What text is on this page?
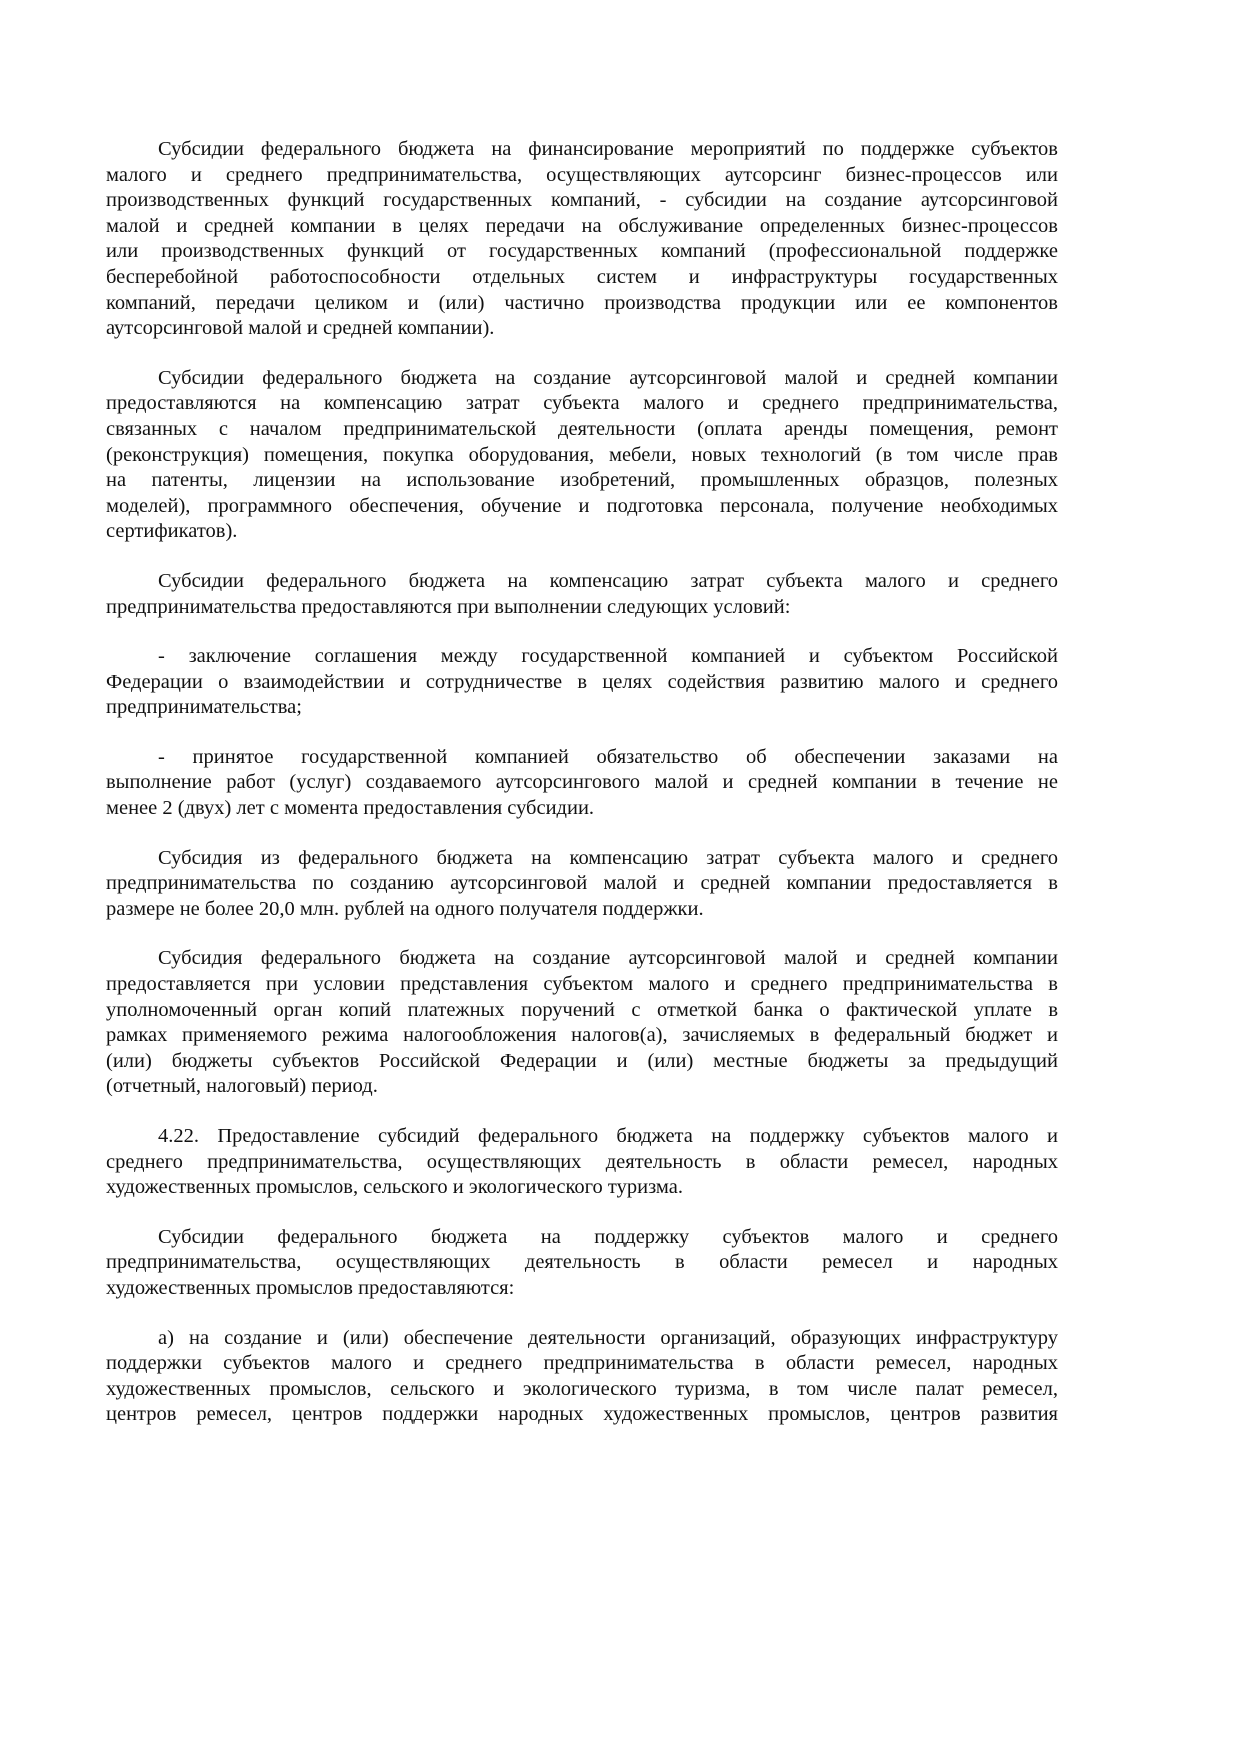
Субсидии федерального бюджета на финансирование мероприятий по поддержке субъектов
малого и среднего предпринимательства, осуществляющих аутсорсинг бизнес-процессов или
производственных функций государственных компаний, - субсидии на создание аутсорсинговой
малой и средней компании в целях передачи на обслуживание определенных бизнес-процессов
или производственных функций от государственных компаний (профессиональной поддержке
бесперебойной работоспособности отдельных систем и инфраструктуры государственных
компаний, передачи целиком и (или) частично производства продукции или ее компонентов
аутсорсинговой малой и средней компании).
Субсидии федерального бюджета на создание аутсорсинговой малой и средней компании
предоставляются на компенсацию затрат субъекта малого и среднего предпринимательства,
связанных с началом предпринимательской деятельности (оплата аренды помещения, ремонт
(реконструкция) помещения, покупка оборудования, мебели, новых технологий (в том числе прав
на патенты, лицензии на использование изобретений, промышленных образцов, полезных
моделей), программного обеспечения, обучение и подготовка персонала, получение необходимых
сертификатов).
Субсидии федерального бюджета на компенсацию затрат субъекта малого и среднего
предпринимательства предоставляются при выполнении следующих условий:
- заключение соглашения между государственной компанией и субъектом Российской
Федерации о взаимодействии и сотрудничестве в целях содействия развитию малого и среднего
предпринимательства;
- принятое государственной компанией обязательство об обеспечении заказами на
выполнение работ (услуг) создаваемого аутсорсингового малой и средней компании в течение не
менее 2 (двух) лет с момента предоставления субсидии.
Субсидия из федерального бюджета на компенсацию затрат субъекта малого и среднего
предпринимательства по созданию аутсорсинговой малой и средней компании предоставляется в
размере не более 20,0 млн. рублей на одного получателя поддержки.
Субсидия федерального бюджета на создание аутсорсинговой малой и средней компании
предоставляется при условии представления субъектом малого и среднего предпринимательства в
уполномоченный орган копий платежных поручений с отметкой банка о фактической уплате в
рамках применяемого режима налогообложения налогов(а), зачисляемых в федеральный бюджет и
(или) бюджеты субъектов Российской Федерации и (или) местные бюджеты за предыдущий
(отчетный, налоговый) период.
4.22. Предоставление субсидий федерального бюджета на поддержку субъектов малого и
среднего предпринимательства, осуществляющих деятельность в области ремесел, народных
художественных промыслов, сельского и экологического туризма.
Субсидии федерального бюджета на поддержку субъектов малого и среднего
предпринимательства, осуществляющих деятельность в области ремесел и народных
художественных промыслов предоставляются:
а) на создание и (или) обеспечение деятельности организаций, образующих инфраструктуру
поддержки субъектов малого и среднего предпринимательства в области ремесел, народных
художественных промыслов, сельского и экологического туризма, в том числе палат ремесел,
центров ремесел, центров поддержки народных художественных промыслов, центров развития
